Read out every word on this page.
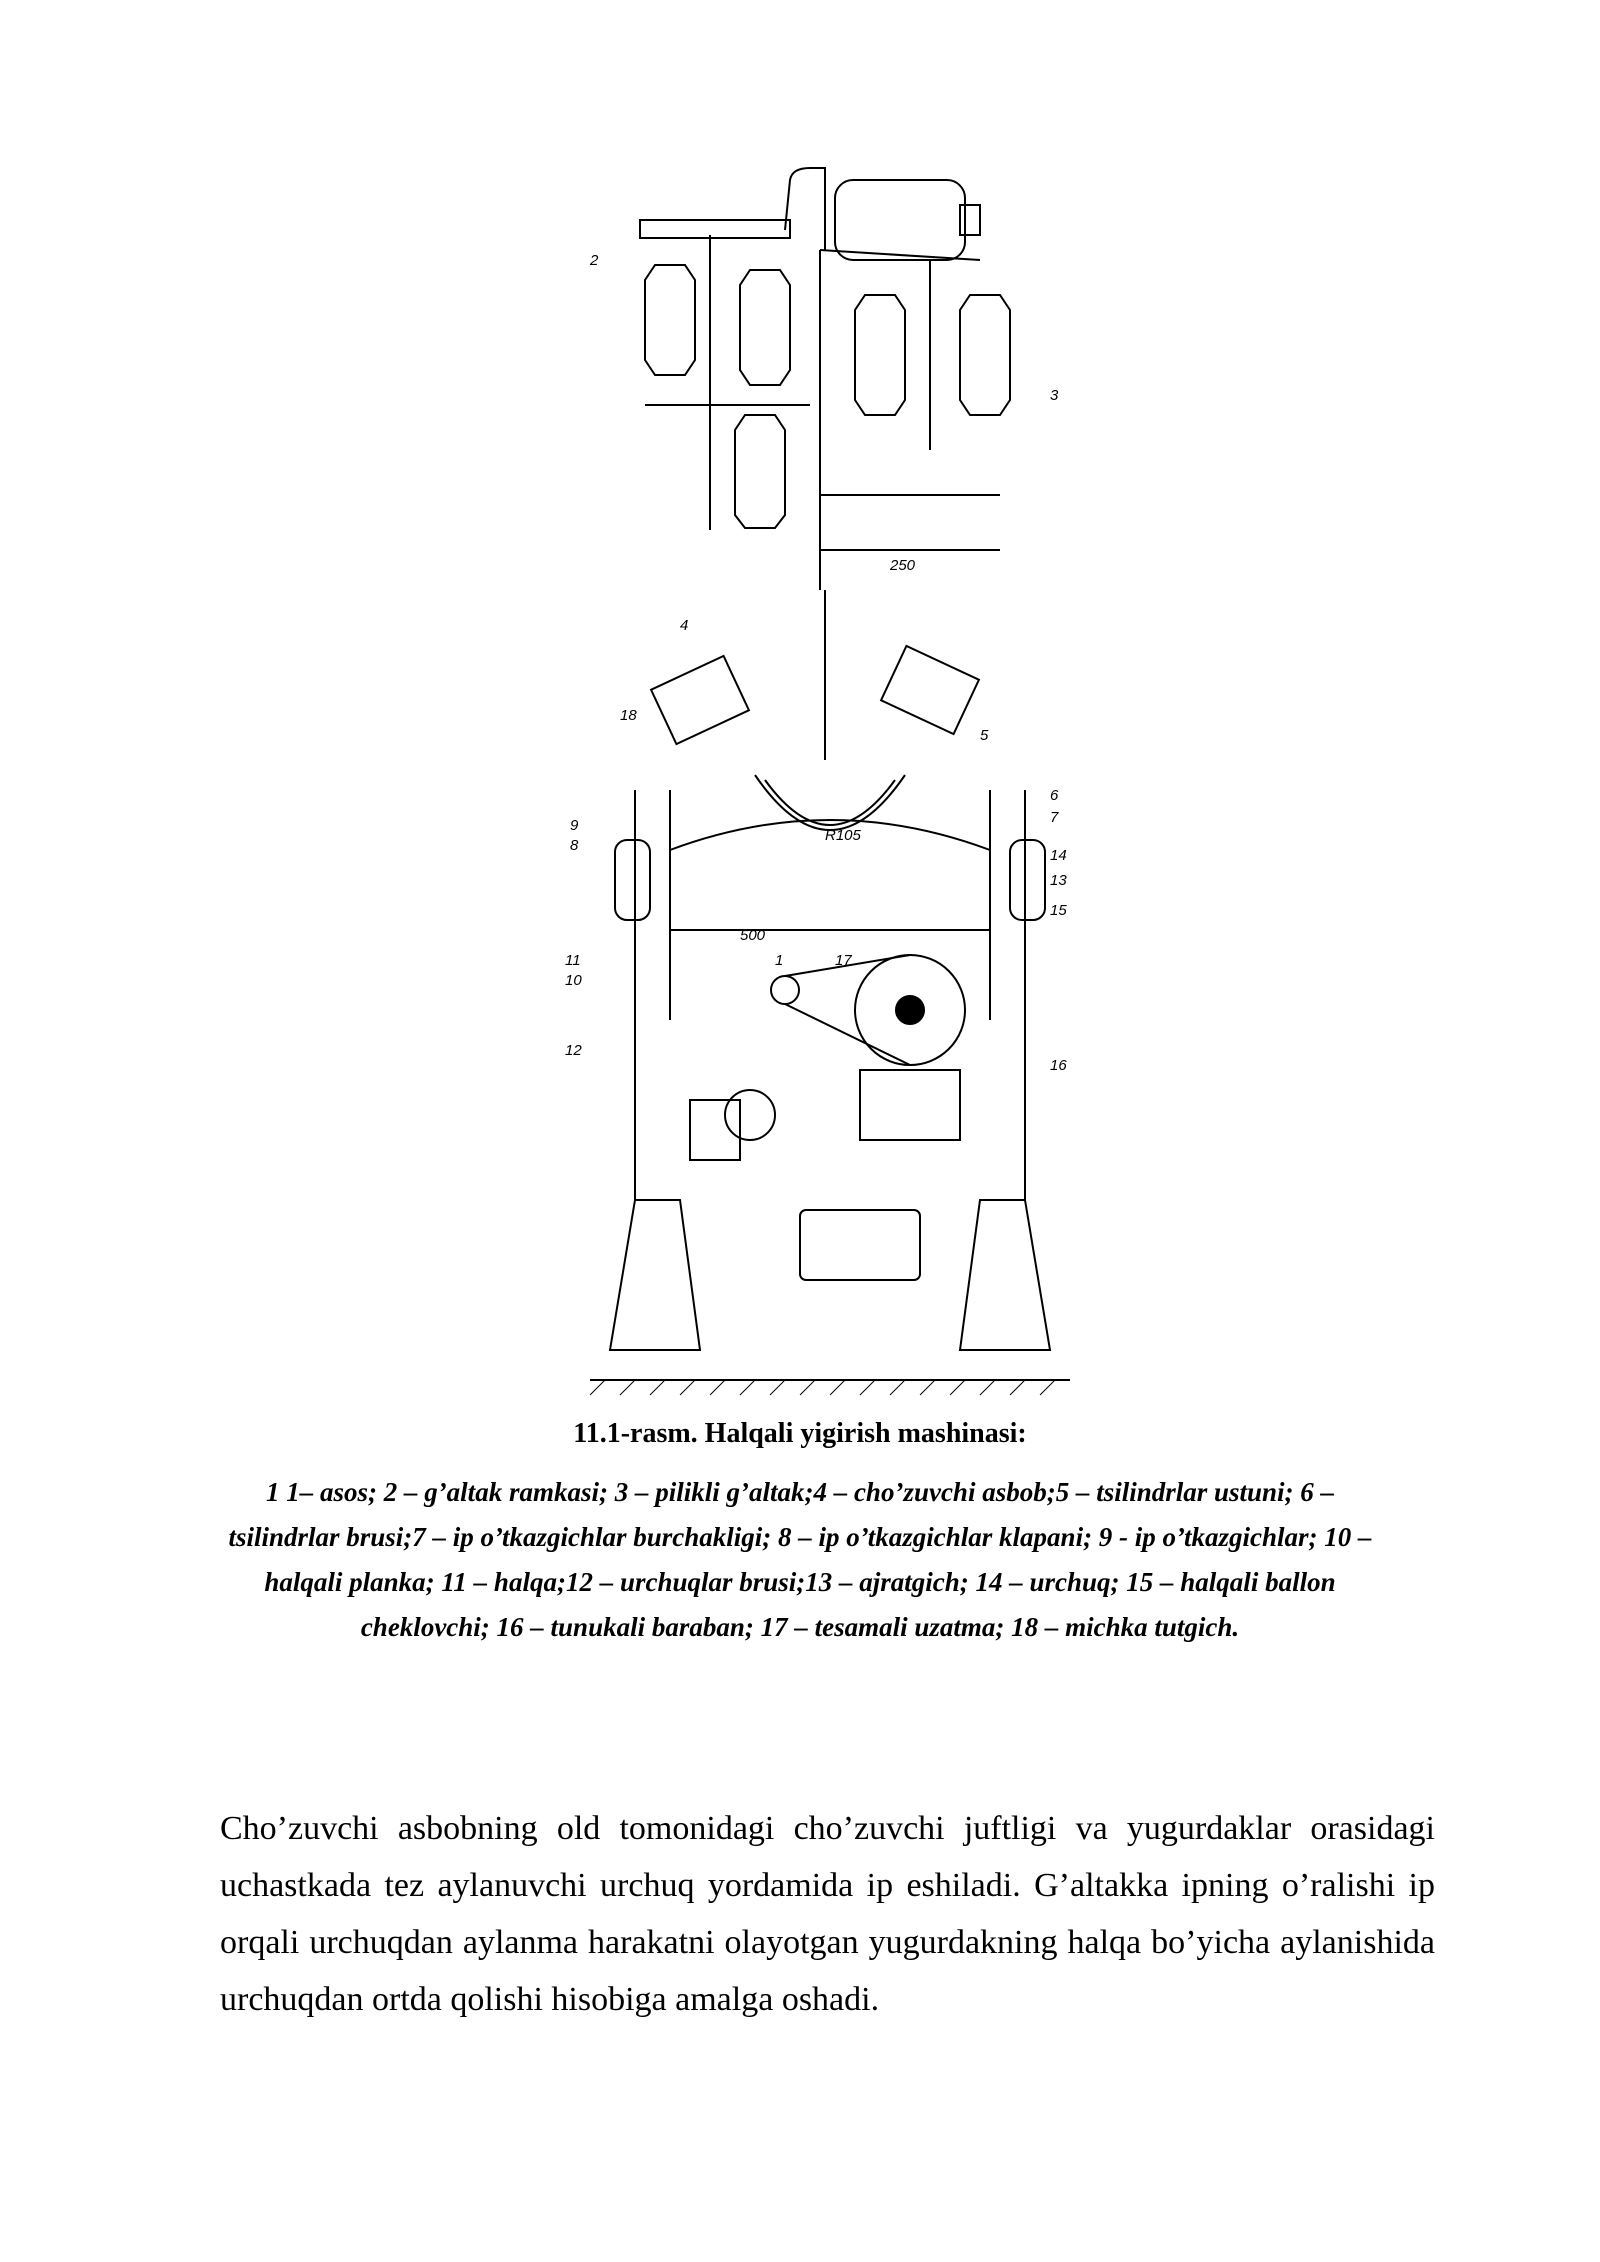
2
3
250
4
18
5
6
7
9
8
R105
14
13
15
500
1	17
11
10
12
16
11.1-rasm. Halqali yigirish mashinasi:
1 1– asos; 2 – g’altak ramkasi; 3 – pilikli g’altak;4 – cho’zuvchi asbob;5 – tsilindrlar ustuni; 6 – tsilindrlar brusi;7 – ip o’tkazgichlar burchakligi; 8 – ip o’tkazgichlar klapani; 9 - ip o’tkazgichlar; 10 – halqali planka; 11 – halqa;12 – urchuqlar brusi;13 – ajratgich; 14 – urchuq; 15 – halqali ballon cheklovchi; 16 – tunukali baraban; 17 – tesamali uzatma; 18 – michka tutgich.
Cho’zuvchi asbobning old tomonidagi cho’zuvchi juftligi va yugurdaklar orasidagi uchastkada tez aylanuvchi urchuq yordamida ip eshiladi. G’altakka ipning o’ralishi ip orqali urchuqdan aylanma harakatni olayotgan yugurdakning halqa bo’yicha aylanishida urchuqdan ortda qolishi hisobiga amalga oshadi.
